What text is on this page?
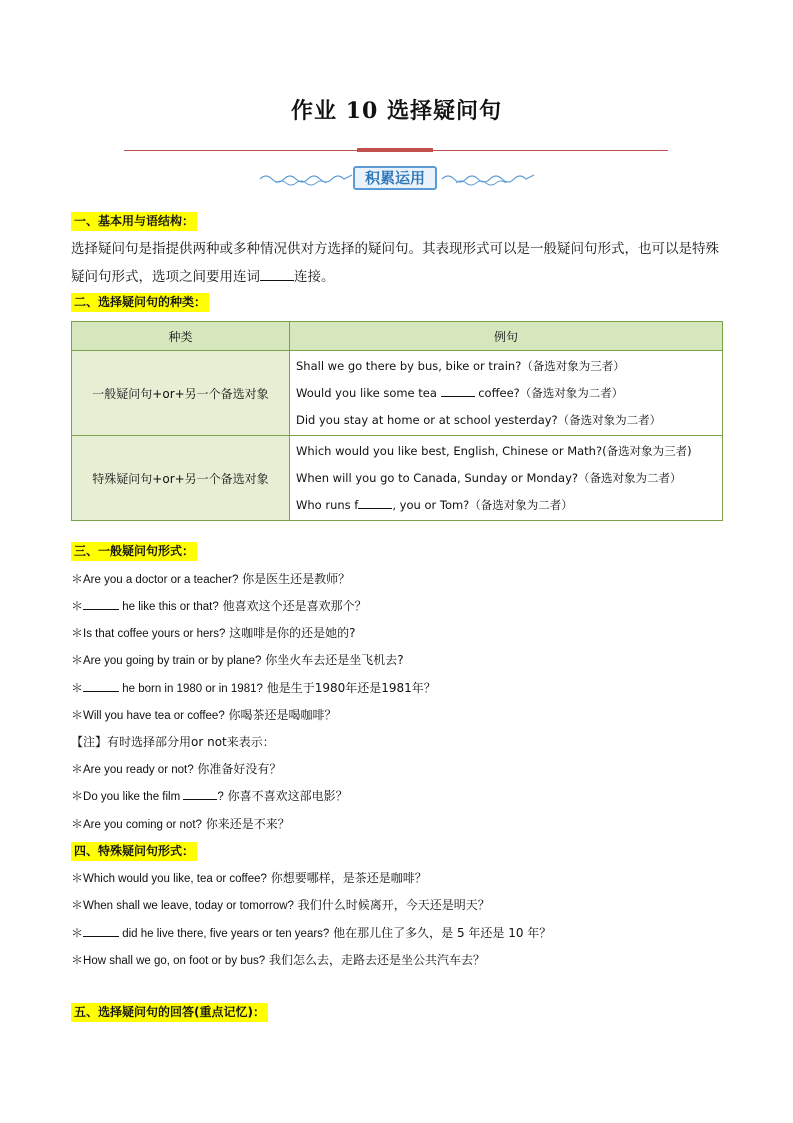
作业 10 选择疑问句
积累运用
一、基本用与语结构：
选择疑问句是指提供两种或多种情况供对方选择的疑问句。其表现形式可以是一般疑问句形式，也可以是特殊疑问句形式，选项之间要用连词	连接。
二、选择疑问句的种类：
种类	例句
一般疑问句+or+另一个备选对象	Shall we go there by bus, bike or train?（备选对象为三者）
Would you like some tea coffee?（备选对象为二者）
Did you stay at home or at school yesterday?（备选对象为二者）

特殊疑问句+or+另一个备选对象	Which would you like best, English, Chinese or Math?(备选对象为三者)
When will you go to Canada, Sunday or Monday?（备选对象为二者）
Who runs f , you or Tom?（备选对象为二者）
三、一般疑问句形式：
＊Are you a doctor or a teacher? 你是医生还是教师？
＊	he like this or that? 他喜欢这个还是喜欢那个？
＊Is that coffee yours or hers? 这咖啡是你的还是她的?
＊Are you going by train or by plane? 你坐火车去还是坐飞机去?
＊	he born in 1980 or in 1981? 他是生于1980年还是1981年？
＊Will you have tea or coffee? 你喝茶还是喝咖啡？
【注】有时选择部分用or not来表示：
＊Are you ready or not? 你准备好没有？
＊Do you like the film	? 你喜不喜欢这部电影？
＊Are you coming or not? 你来还是不来？
四、特殊疑问句形式：
＊Which would you like, tea or coffee? 你想要哪样，是茶还是咖啡？
＊When shall we leave, today or tomorrow? 我们什么时候离开，今天还是明天？
＊	did he live there, five years or ten years? 他在那儿住了多久，是 5 年还是 10 年？
＊How shall we go, on foot or by bus? 我们怎么去，走路去还是坐公共汽车去？
五、选择疑问句的回答(重点记忆)：
